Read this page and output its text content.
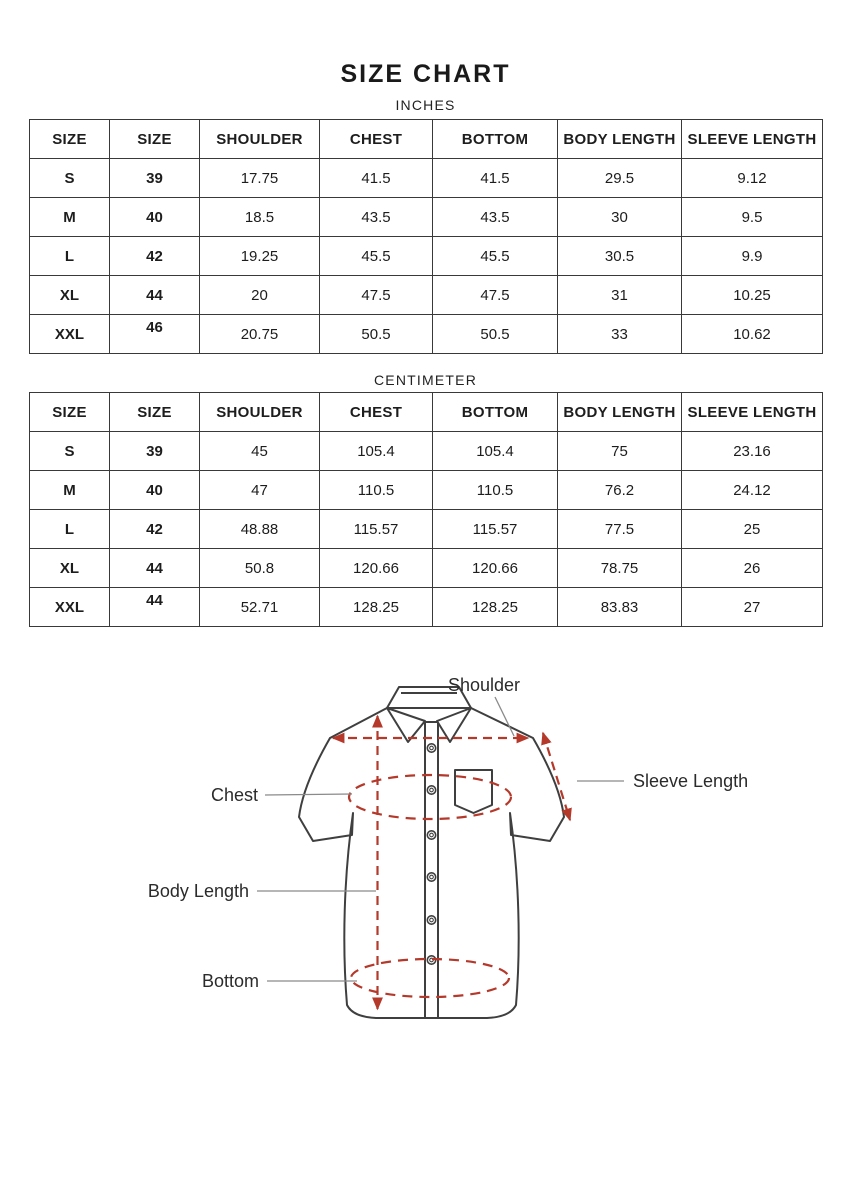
SIZE CHART
INCHES
SIZE	SIZE	SHOULDER	CHEST	BOTTOM	BODY LENGTH	SLEEVE LENGTH
S	39	17.75	41.5	41.5	29.5	9.12
M	40	18.5	43.5	43.5	30	9.5
L	42	19.25	45.5	45.5	30.5	9.9
XL	44	20	47.5	47.5	31	10.25
XXL	46	20.75	50.5	50.5	33	10.62
CENTIMETER
SIZE	SIZE	SHOULDER	CHEST	BOTTOM	BODY LENGTH	SLEEVE LENGTH
S	39	45	105.4	105.4	75	23.16
M	40	47	110.5	110.5	76.2	24.12
L	42	48.88	115.57	115.57	77.5	25
XL	44	50.8	120.66	120.66	78.75	26
XXL	44	52.71	128.25	128.25	83.83	27
Shoulder
Sleeve Length
Chest
Body Length
Bottom
